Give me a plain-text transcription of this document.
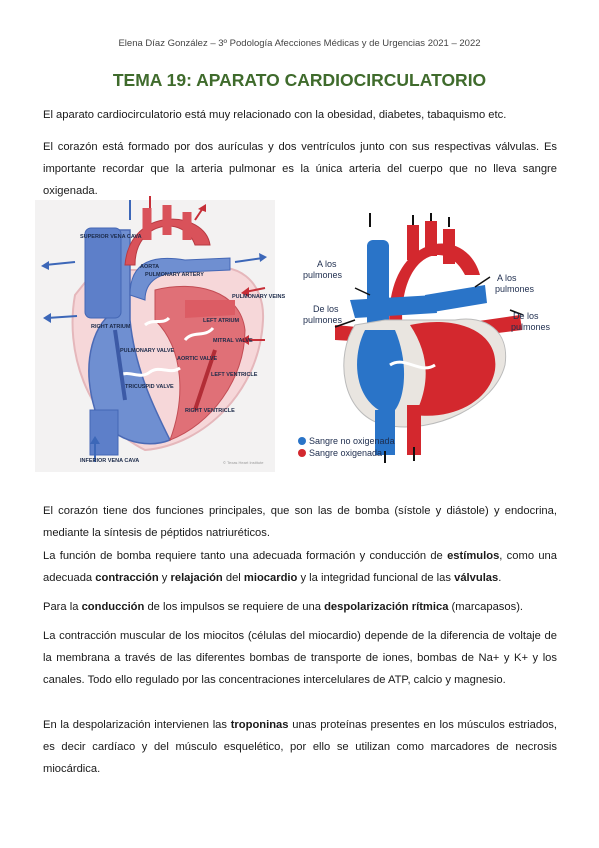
Elena Díaz González – 3º Podología Afecciones Médicas y de Urgencias 2021 – 2022
TEMA 19: APARATO CARDIOCIRCULATORIO

El aparato cardiocirculatorio está muy relacionado con la obesidad, diabetes, tabaquismo etc.

El corazón está formado por dos aurículas y dos ventrículos junto con sus respectivas válvulas. Es importante recordar que la arteria pulmonar es la única arteria del cuerpo que no lleva sangre oxigenada.

SUPERIOR VENA CAVA
AORTA
PULMONARY ARTERY
PULMONARY VEINS
LEFT ATRIUM
RIGHT ATRIUM
PULMONARY VALVE
AORTIC VALVE
MITRAL VALVE
LEFT VENTRICLE
TRICUSPID VALVE
RIGHT VENTRICLE
INFERIOR VENA CAVA	© Texas Heart Institute
A los
pulmones	A los
pulmones
De los
pulmones	De los
pulmones
Sangre no oxigenada
Sangre oxigenada

El corazón tiene dos funciones principales, que son las de bomba (sístole y diástole) y endocrina, mediante la síntesis de péptidos natriuréticos.

La función de bomba requiere tanto una adecuada formación y conducción de estímulos, como una adecuada contracción y relajación del miocardio y la integridad funcional de las válvulas.

Para la conducción de los impulsos se requiere de una despolarización rítmica (marcapasos).

La contracción muscular de los miocitos (células del miocardio) depende de la diferencia de voltaje de la membrana a través de las diferentes bombas de transporte de iones, bombas de Na+ y K+ y los canales. Todo ello regulado por las concentraciones intercelulares de ATP, calcio y magnesio.

En la despolarización intervienen las troponinas unas proteínas presentes en los músculos estriados, es decir cardíaco y del músculo esquelético, por ello se utilizan como marcadores de necrosis miocárdica.
